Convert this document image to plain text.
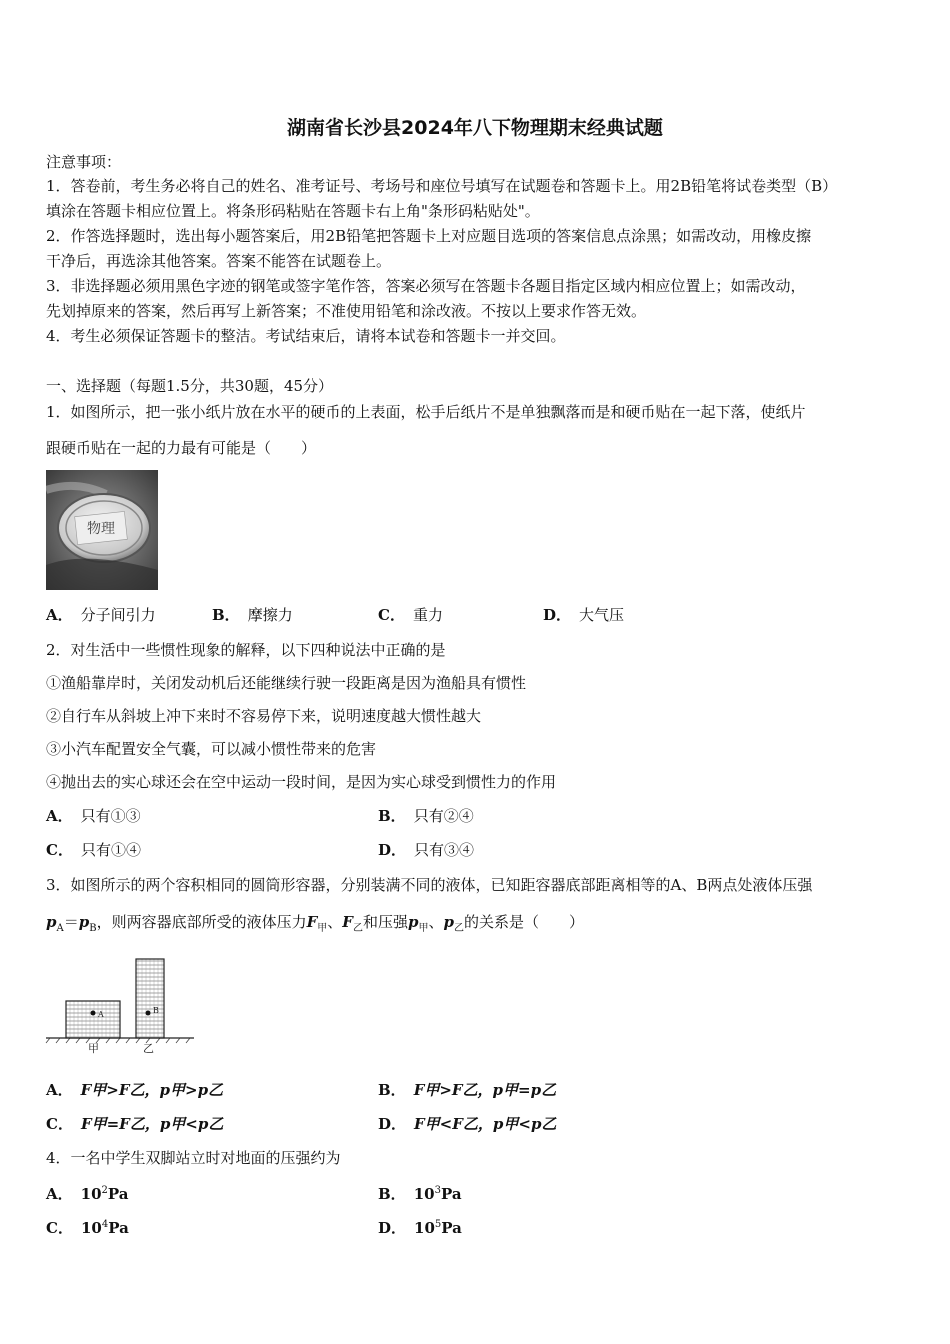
湖南省长沙县2024年八下物理期末经典试题
注意事项：
1．答卷前，考生务必将自己的姓名、准考证号、考场号和座位号填写在试题卷和答题卡上。用2B铅笔将试卷类型（B）
填涂在答题卡相应位置上。将条形码粘贴在答题卡右上角"条形码粘贴处"。
2．作答选择题时，选出每小题答案后，用2B铅笔把答题卡上对应题目选项的答案信息点涂黑；如需改动，用橡皮擦
干净后，再选涂其他答案。答案不能答在试题卷上。
3．非选择题必须用黑色字迹的钢笔或签字笔作答，答案必须写在答题卡各题目指定区域内相应位置上；如需改动，
先划掉原来的答案，然后再写上新答案；不准使用铅笔和涂改液。不按以上要求作答无效。
4．考生必须保证答题卡的整洁。考试结束后，请将本试卷和答题卡一并交回。
一、选择题（每题1.5分，共30题，45分）
1．如图所示，把一张小纸片放在水平的硬币的上表面，松手后纸片不是单独飘落而是和硬币贴在一起下落，使纸片
跟硬币贴在一起的力最有可能是（　　）
物理
A． 分子间引力	B． 摩擦力	C． 重力	D． 大气压
2．对生活中一些惯性现象的解释，以下四种说法中正确的是
①渔船靠岸时，关闭发动机后还能继续行驶一段距离是因为渔船具有惯性
②自行车从斜坡上冲下来时不容易停下来，说明速度越大惯性越大
③小汽车配置安全气囊，可以减小惯性带来的危害
④抛出去的实心球还会在空中运动一段时间，是因为实心球受到惯性力的作用
A． 只有①③	B． 只有②④
C． 只有①④	D． 只有③④
3．如图所示的两个容积相同的圆筒形容器，分别装满不同的液体，已知距容器底部距离相等的A、B两点处液体压强
$p_A=p_B$，则两容器底部所受的液体压力$F_甲$、$F_乙$和压强$p_甲$、$p_乙$的关系是（　　）
A	B
甲	乙
A． F甲>F乙，p甲>p乙	B． F甲>F乙，p甲=p乙
C． F甲=F乙，p甲<p乙	D． F甲<F乙，p甲<p乙
4．一名中学生双脚站立时对地面的压强约为
A． $10^2Pa$	B． $10^3Pa$
C． $10^4Pa$	D． $10^5Pa$
